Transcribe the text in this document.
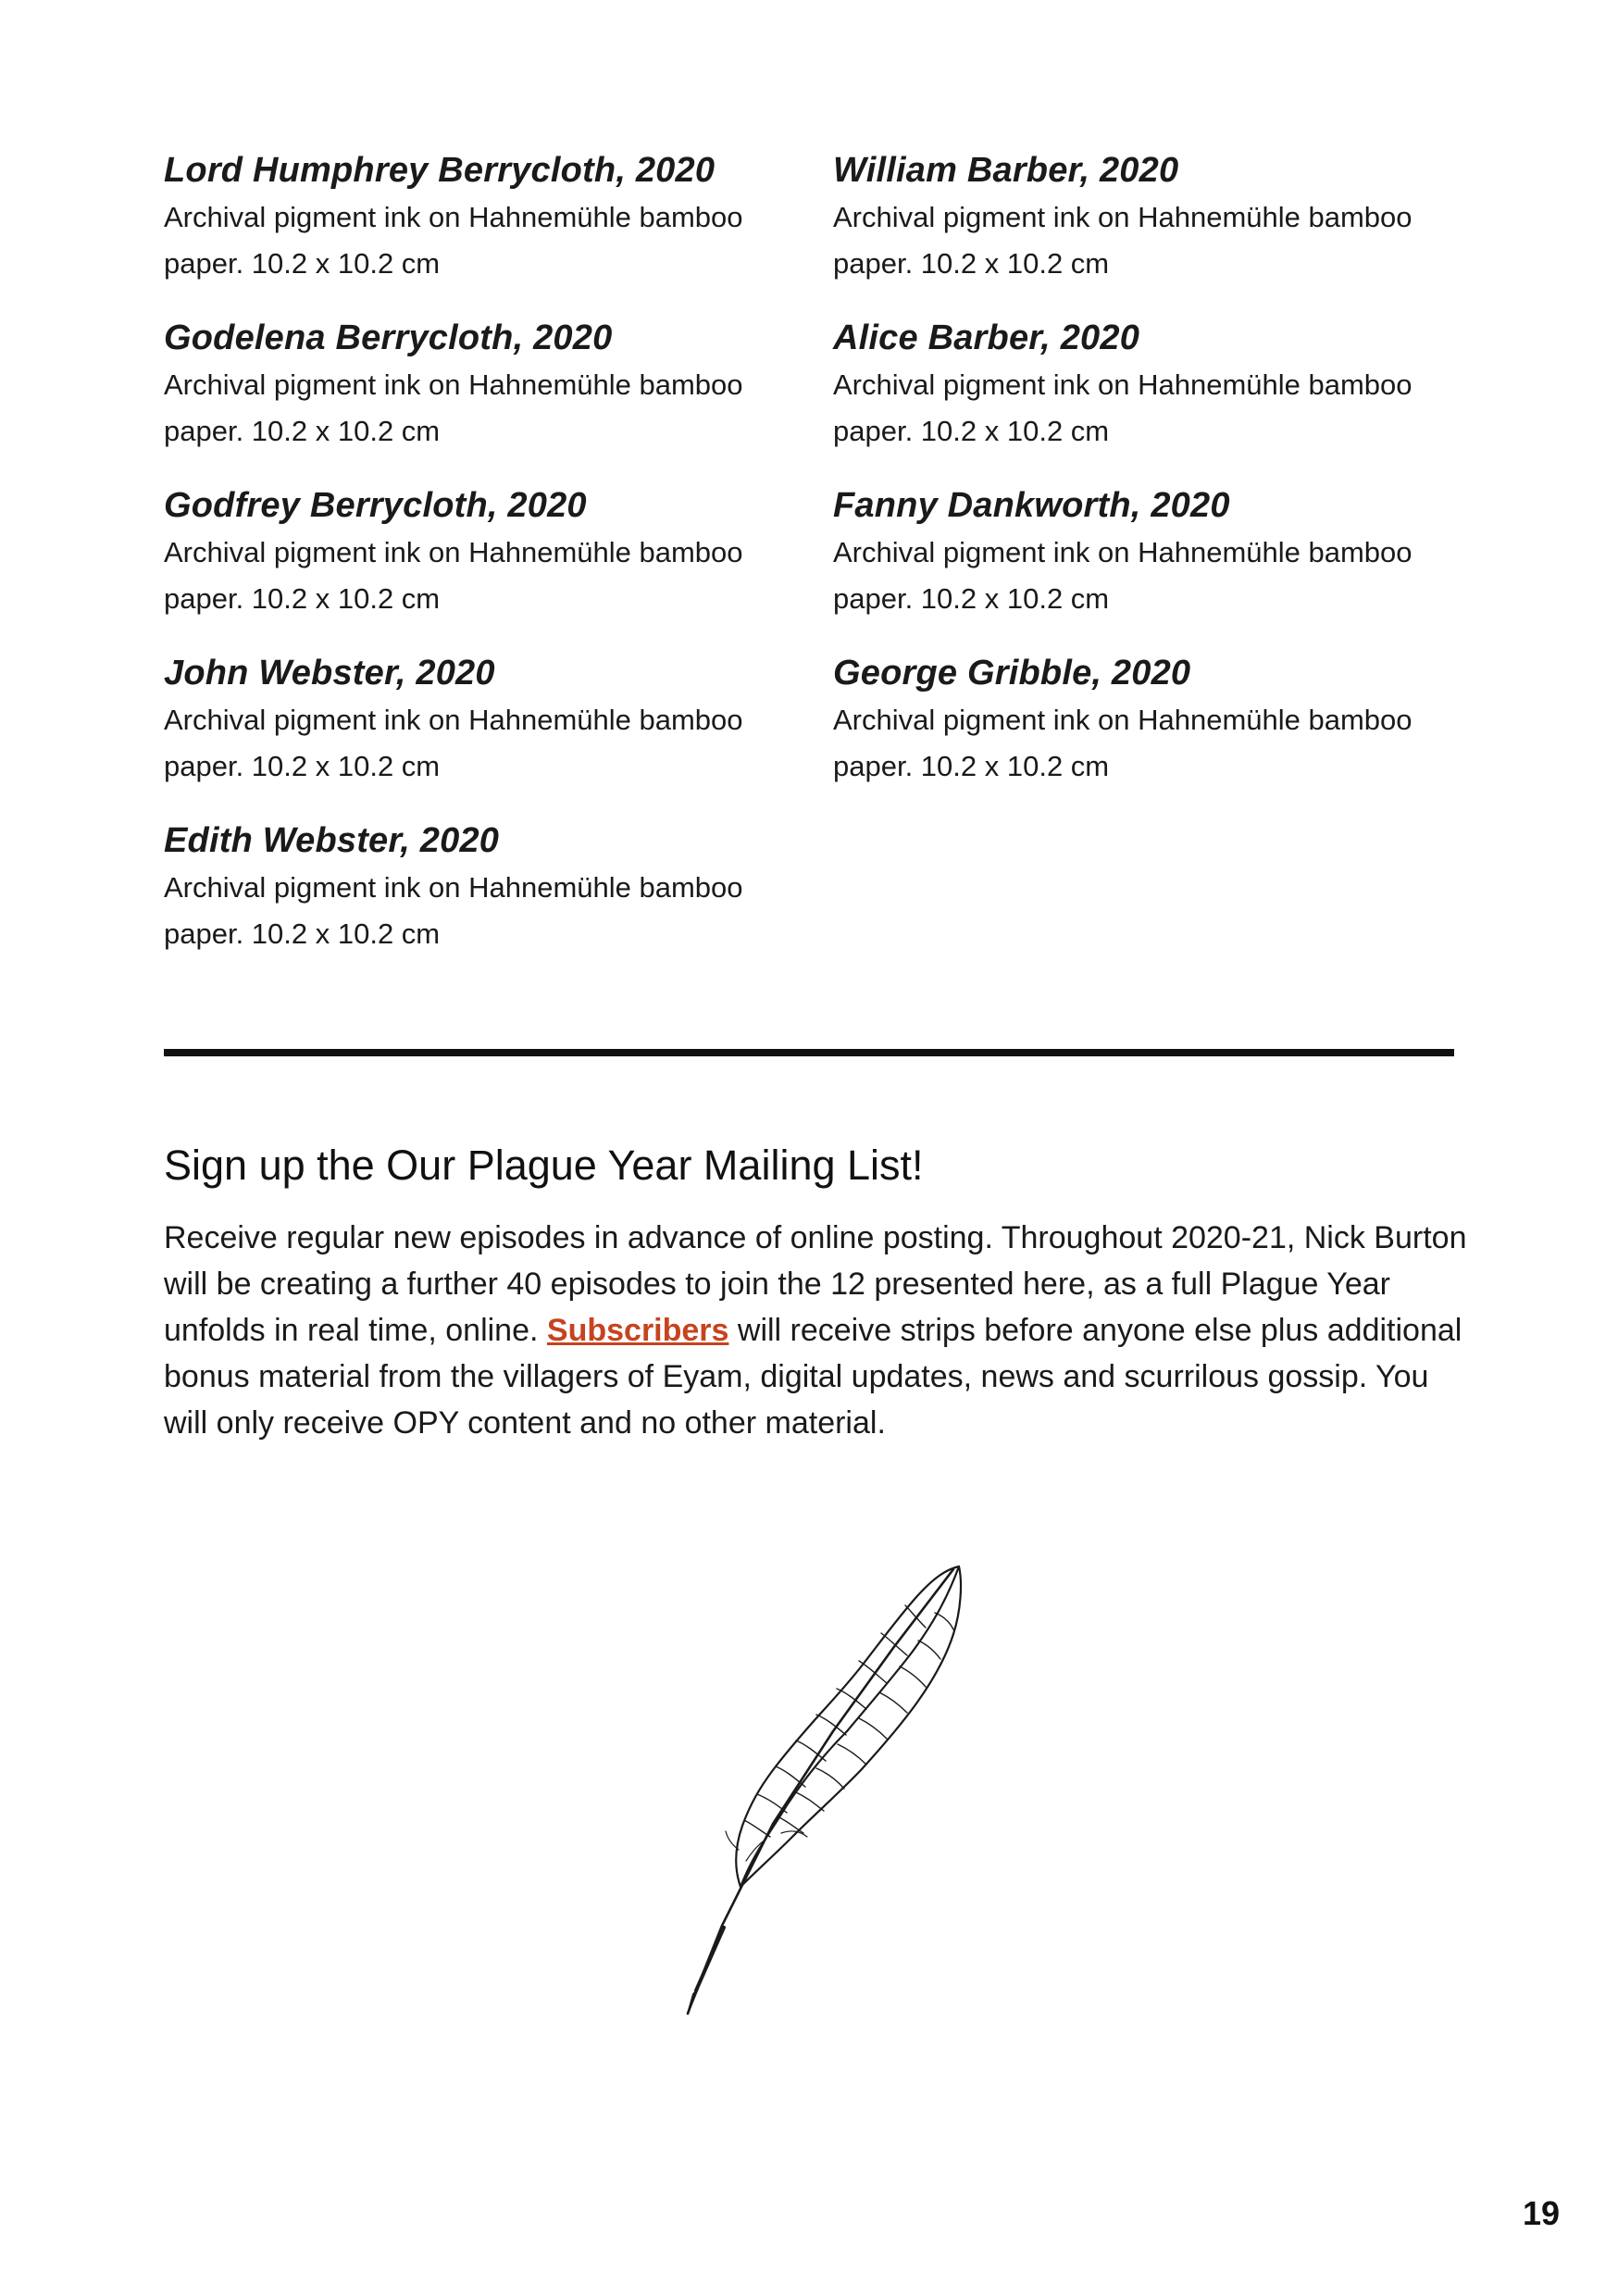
Lord Humphrey Berrycloth, 2020

Archival pigment ink on Hahnemühle bamboo
paper. 10.2 x 10.2 cm

Godelena Berrycloth, 2020

Archival pigment ink on Hahnemühle bamboo
paper. 10.2 x 10.2 cm

Godfrey Berrycloth, 2020

Archival pigment ink on Hahnemühle bamboo
paper. 10.2 x 10.2 cm

John Webster, 2020

Archival pigment ink on Hahnemühle bamboo
paper. 10.2 x 10.2 cm

Edith Webster, 2020

Archival pigment ink on Hahnemühle bamboo
paper. 10.2 x 10.2 cm

William Barber, 2020

Archival pigment ink on Hahnemühle bamboo
paper. 10.2 x 10.2 cm

Alice Barber, 2020

Archival pigment ink on Hahnemühle bamboo
paper. 10.2 x 10.2 cm

Fanny Dankworth, 2020

Archival pigment ink on Hahnemühle bamboo
paper. 10.2 x 10.2 cm

George Gribble, 2020

Archival pigment ink on Hahnemühle bamboo
paper. 10.2 x 10.2 cm

Sign up the Our Plague Year Mailing List!

Receive regular new episodes in advance of online posting. Throughout 2020-21, Nick Burton will be creating a further 40 episodes to join the 12 presented here, as a full Plague Year unfolds in real time, online. Subscribers will receive strips before anyone else plus additional bonus material from the villagers of Eyam, digital updates, news and scurrilous gossip. You will only receive OPY content and no other material.

19
